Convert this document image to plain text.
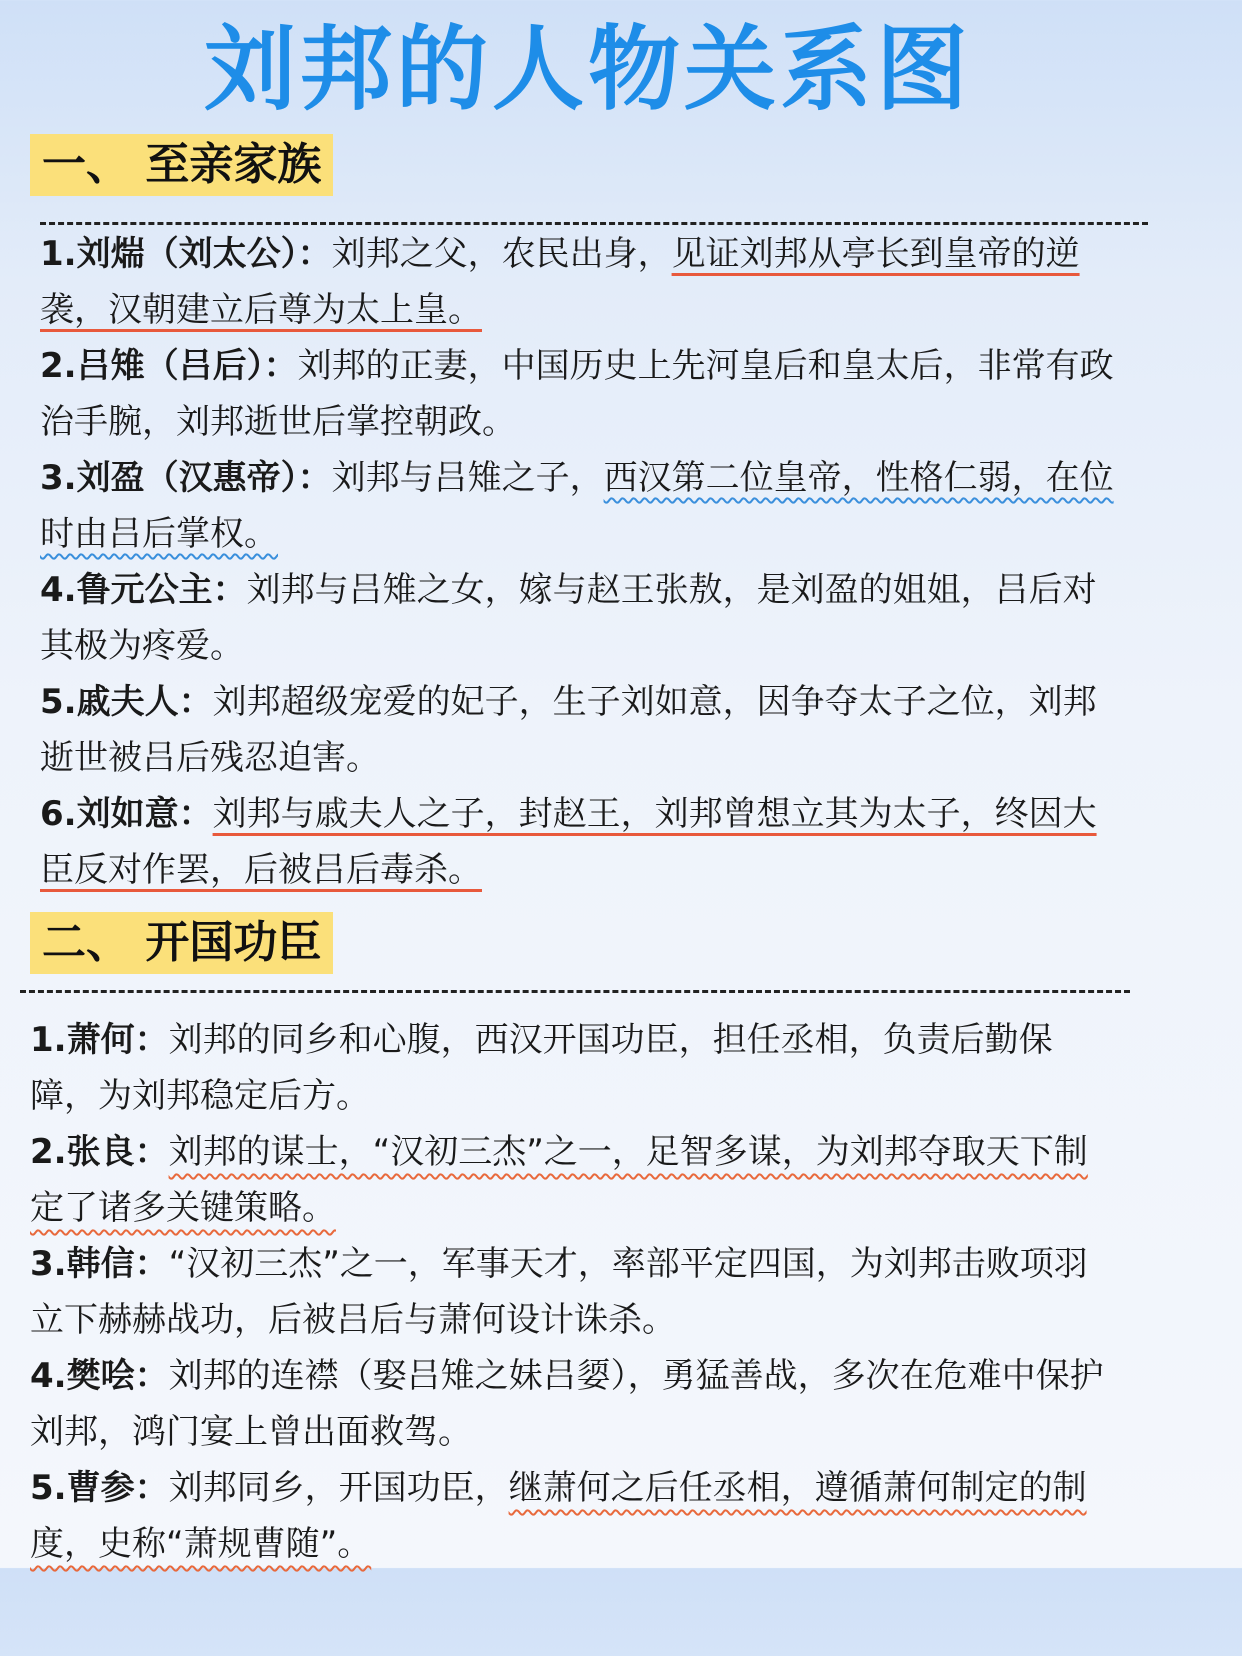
刘邦的人物关系图
一、 至亲家族

1.刘煓（刘太公）：刘邦之父，农民出身，见证刘邦从亭长到皇帝的逆袭，汉朝建立后尊为太上皇。

2.吕雉（吕后）：刘邦的正妻，中国历史上先河皇后和皇太后，非常有政治手腕，刘邦逝世后掌控朝政。

3.刘盈（汉惠帝）：刘邦与吕雉之子，西汉第二位皇帝，性格仁弱，在位时由吕后掌权。

4.鲁元公主：刘邦与吕雉之女，嫁与赵王张敖，是刘盈的姐姐，吕后对其极为疼爱。

5.戚夫人：刘邦超级宠爱的妃子，生子刘如意，因争夺太子之位，刘邦逝世被吕后残忍迫害。

6.刘如意：刘邦与戚夫人之子，封赵王，刘邦曾想立其为太子，终因大臣反对作罢，后被吕后毒杀。

二、 开国功臣

1.萧何：刘邦的同乡和心腹，西汉开国功臣，担任丞相，负责后勤保障，为刘邦稳定后方。

2.张良：刘邦的谋士，“汉初三杰”之一，足智多谋，为刘邦夺取天下制定了诸多关键策略。

3.韩信：“汉初三杰”之一，军事天才，率部平定四国，为刘邦击败项羽立下赫赫战功，后被吕后与萧何设计诛杀。

4.樊哙：刘邦的连襟（娶吕雉之妹吕媭），勇猛善战，多次在危难中保护刘邦，鸿门宴上曾出面救驾。

5.曹参：刘邦同乡，开国功臣，继萧何之后任丞相，遵循萧何制定的制度，史称“萧规曹随”。
